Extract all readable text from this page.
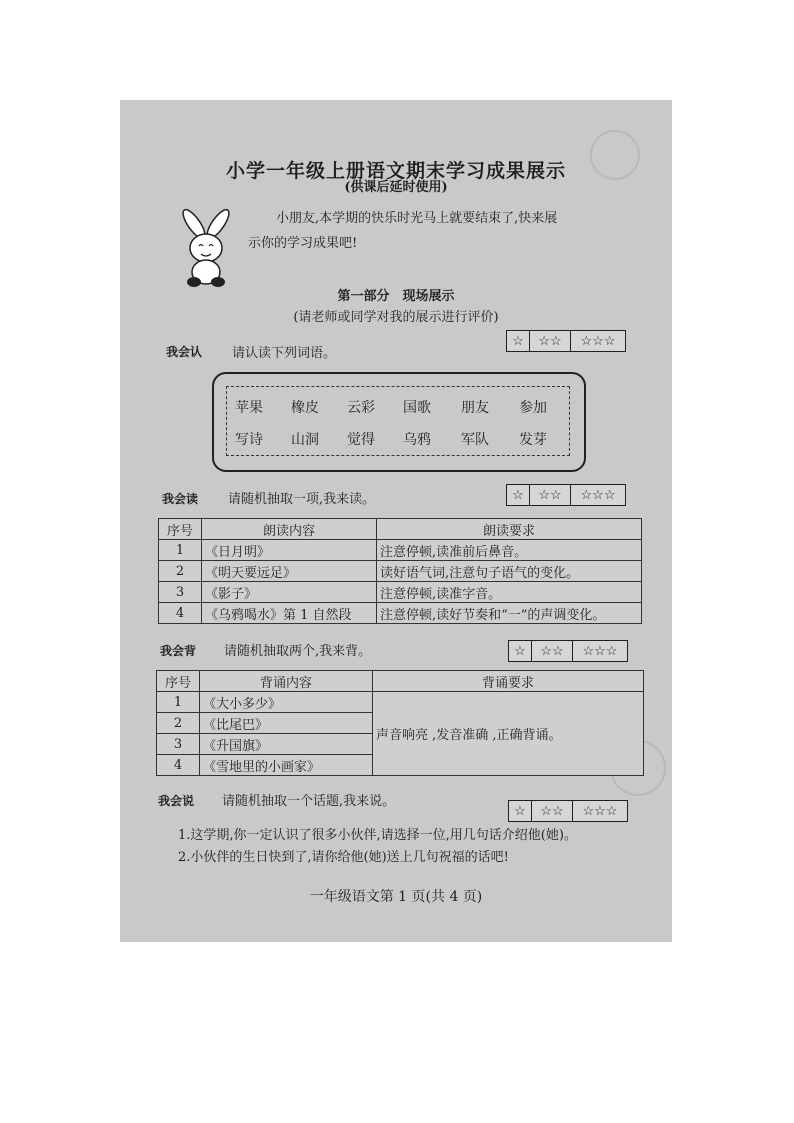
小学一年级上册语文期末学习成果展示
(供课后延时使用)
小朋友,本学期的快乐时光马上就要结束了,快来展
示你的学习成果吧!
第一部分　现场展示
(请老师或同学对我的展示进行评价)
我会认 请认读下列词语。
☆	☆☆	☆☆☆
苹果 橡皮 云彩 国歌 朋友 参加
写诗 山洞 觉得 乌鸦 军队 发芽
我会读 请随机抽取一项,我来读。	☆	☆☆	☆☆☆
序号	朗读内容	朗读要求
1	《日月明》	注意停顿,读准前后鼻音。
2	《明天要远足》	读好语气词,注意句子语气的变化。
3	《影子》	注意停顿,读准字音。
4	《乌鸦喝水》第 1 自然段	注意停顿,读好节奏和“一”的声调变化。
我会背 请随机抽取两个,我来背。	☆	☆☆	☆☆☆
序号	背诵内容	背诵要求
1	《大小多少》	声音响亮 ,发音准确 ,正确背诵。
2	《比尾巴》	
3	《升国旗》	
4	《雪地里的小画家》	
我会说 请随机抽取一个话题,我来说。
☆	☆☆	☆☆☆
1.这学期,你一定认识了很多小伙伴,请选择一位,用几句话介绍他(她)。
2.小伙伴的生日快到了,请你给他(她)送上几句祝福的话吧!
一年级语文第 1 页(共 4 页)
